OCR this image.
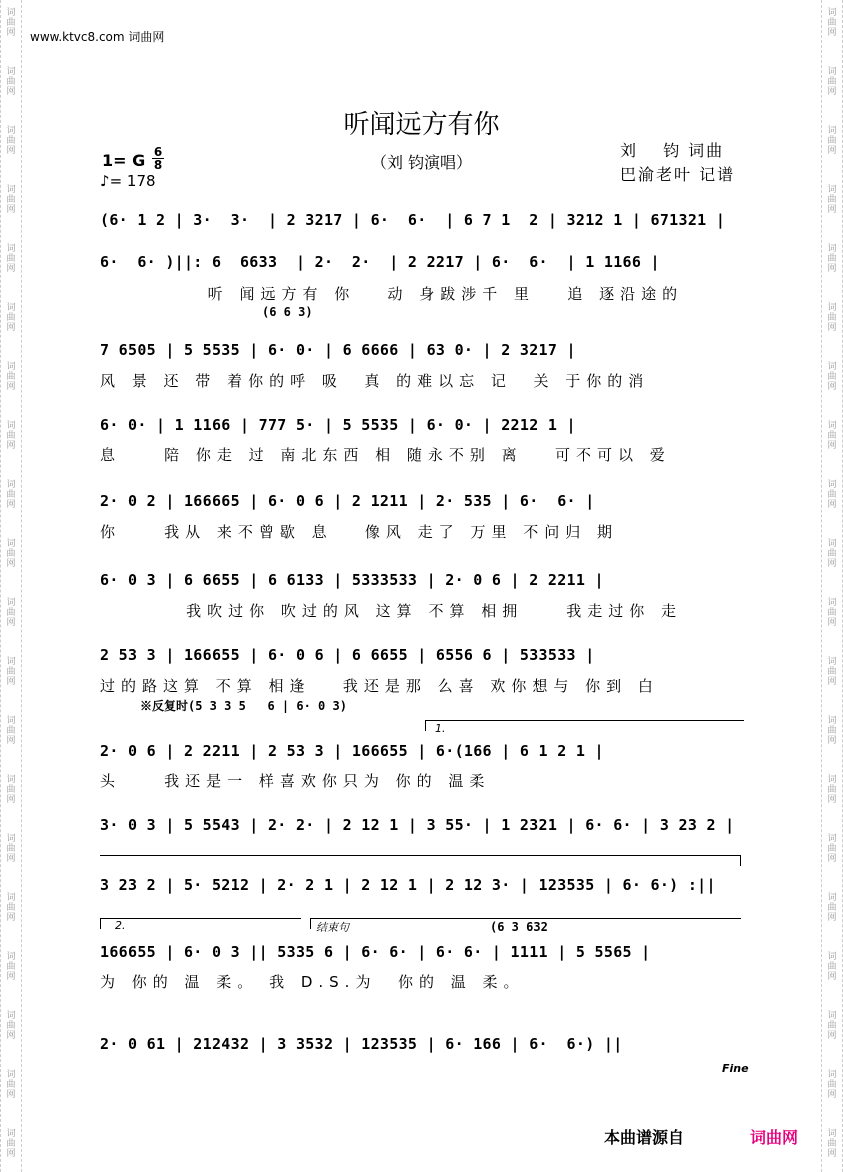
词
曲
网
词
曲
网
词
曲
网
词
曲
网
词
曲
网
词
曲
网
词
曲
网
词
曲
网
词
曲
网
词
曲
网
词
曲
网
词
曲
网
词
曲
网
词
曲
网
词
曲
网
词
曲
网
词
曲
网
词
曲
网
词
曲
网
词
曲
网
词
曲
网
词
曲
网
词
曲
网
词
曲
网
词
曲
网
词
曲
网
词
曲
网
词
曲
网
词
曲
网
词
曲
网
词
曲
网
词
曲
网
词
曲
网
词
曲
网
词
曲
网
词
曲
网
词
曲
网
词
曲
网
词
曲
网
词
曲
网
www.ktvc8.com 词曲网
听闻远方有你
（刘 钧演唱）
刘　 钧 词曲
巴渝老叶 记谱
1= G 6
8
♪= 178
(6· 1 2 | 3·  3·  | 2 3217 | 6·  6·  | 6 7 1  2 | 3212 1 | 671321 |
6·  6· )||: 6  6633  | 2·  2·  | 2 2217 | 6·  6·  | 1 1166 |
听 闻远方有 你   动 身跋涉千 里   追 逐沿途的
(6 6 3)
7 6505 | 5 5535 | 6· 0· | 6 6666 | 63 0· | 2 3217 |
风 景 还 带 着你的呼 吸  真 的难以忘 记  关 于你的消
6· 0· | 1 1166 | 777 5· | 5 5535 | 6· 0· | 2212 1 |
息    陪 你走 过 南北东西 相 随永不别 离   可不可以 爱
2· 0 2 | 166665 | 6· 0 6 | 2 1211 | 2· 535 | 6·  6· |
你    我从 来不曾歇 息   像风 走了 万里 不问归 期
6· 0 3 | 6 6655 | 6 6133 | 5333533 | 2· 0 6 | 2 2211 |
我吹过你 吹过的风 这算 不算 相拥    我走过你 走
2 53 3 | 166655 | 6· 0 6 | 6 6655 | 6556 6 | 533533 |
过的路这算 不算 相逢   我还是那 么喜 欢你想与 你到 白
※反复时(5 3 3 5   6 | 6· 0 3)
1.
2· 0 6 | 2 2211 | 2 53 3 | 166655 | 6·(166 | 6 1 2 1 |
头    我还是一 样喜欢你只为 你的 温柔
3· 0 3 | 5 5543 | 2· 2· | 2 12 1 | 3 55· | 1 2321 | 6· 6· | 3 23 2 |
3 23 2 | 5· 5212 | 2· 2 1 | 2 12 1 | 2 12 3· | 123535 | 6· 6·) :||
2.	结束句	(6 3 632
166655 | 6· 0 3 || 5335 6 | 6· 6· | 6· 6· | 1111 | 5 5565 |
为 你的 温 柔。 我 D.S.为  你的 温 柔。
2· 0 61 | 212432 | 3 3532 | 123535 | 6· 166 | 6·  6·) ||
Fine
本曲谱源自	词曲网
